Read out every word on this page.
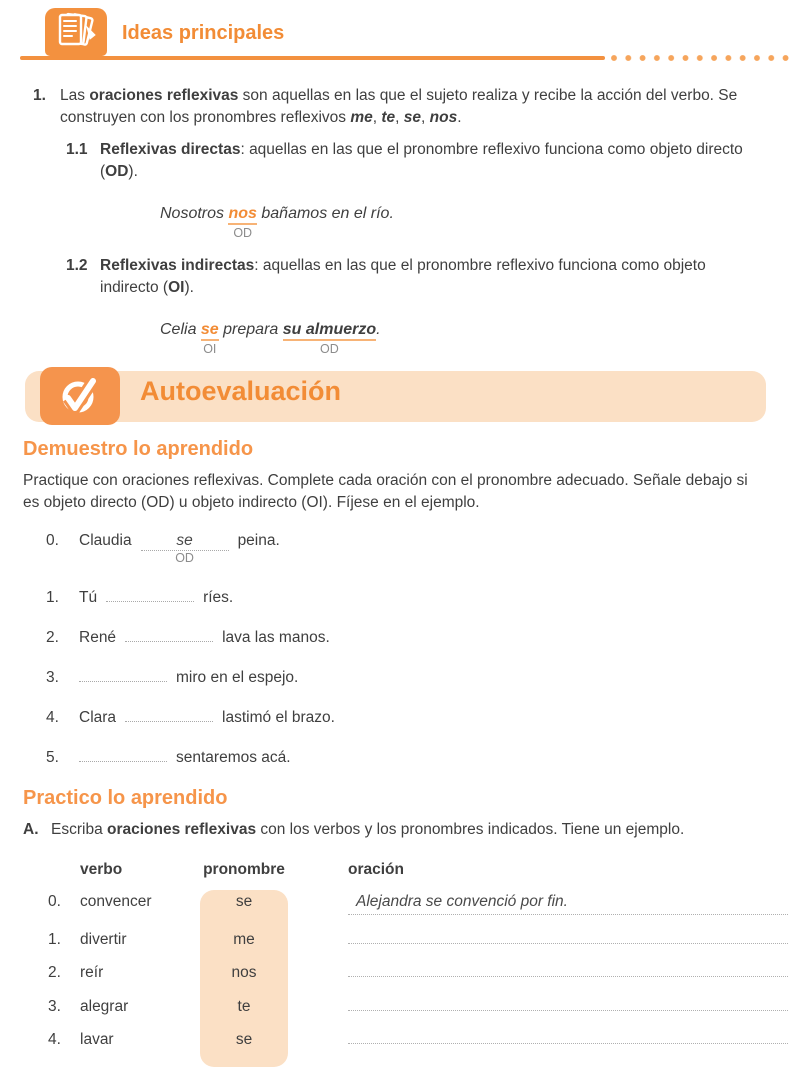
Ideas principales
1. Las oraciones reflexivas son aquellas en las que el sujeto realiza y recibe la acción del verbo. Se construyen con los pronombres reflexivos me, te, se, nos.
1.1 Reflexivas directas: aquellas en las que el pronombre reflexivo funciona como objeto directo (OD).
Nosotros nos
OD
bañamos en el río.
1.2 Reflexivas indirectas: aquellas en las que el pronombre reflexivo funciona como objeto indirecto (OI).
Celia se
OI
prepara su almuerzo
OD
.
Autoevaluación
Demuestro lo aprendido
Practique con oraciones reflexivas. Complete cada oración con el pronombre adecuado. Señale debajo si es objeto directo (OD) u objeto indirecto (OI). Fíjese en el ejemplo.
0.	Claudia	se
OD
peina.
1.	Tú	ríes.
2.	René	lava las manos.
3.	miro en el espejo.
4.	Clara	lastimó el brazo.
5.	sentaremos acá.
Practico lo aprendido
A. Escriba oraciones reflexivas con los verbos y los pronombres indicados. Tiene un ejemplo.
verbo	pronombre	oración
0.	convencer	se	Alejandra se convenció por fin.
1.	divertir	me
2.	reír	nos
3.	alegrar	te
4.	lavar	se
